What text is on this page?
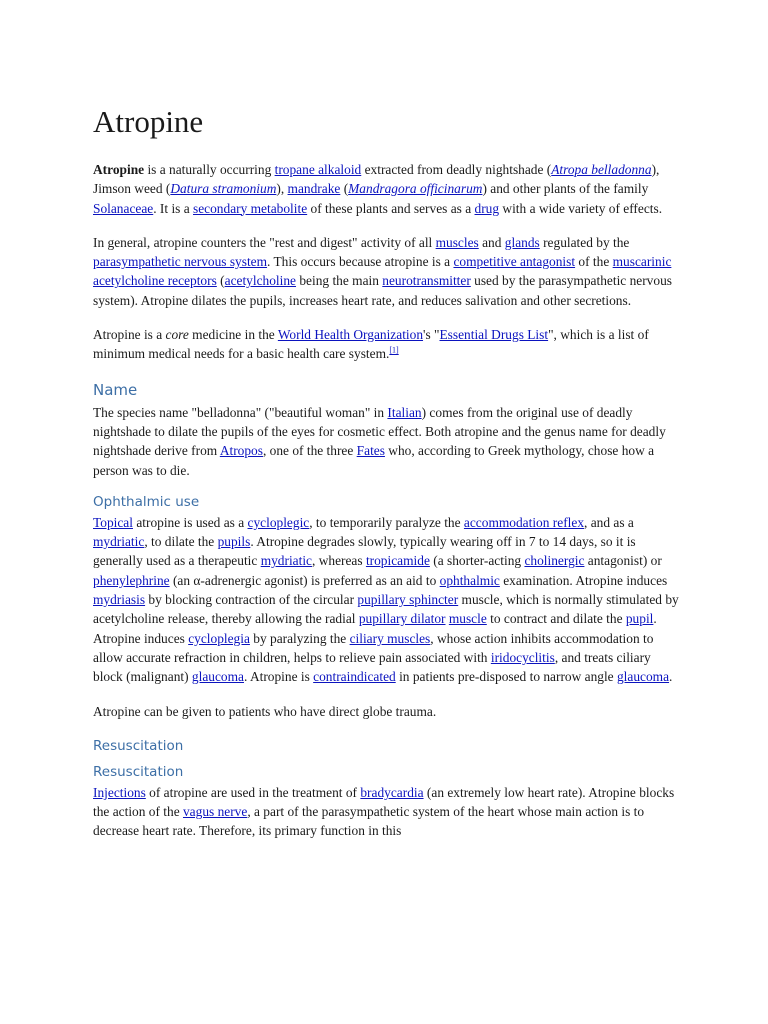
Atropine

Atropine is a naturally occurring tropane alkaloid extracted from deadly nightshade (Atropa belladonna), Jimson weed (Datura stramonium), mandrake (Mandragora officinarum) and other plants of the family Solanaceae. It is a secondary metabolite of these plants and serves as a drug with a wide variety of effects.

In general, atropine counters the "rest and digest" activity of all muscles and glands regulated by the parasympathetic nervous system. This occurs because atropine is a competitive antagonist of the muscarinic acetylcholine receptors (acetylcholine being the main neurotransmitter used by the parasympathetic nervous system). Atropine dilates the pupils, increases heart rate, and reduces salivation and other secretions.

Atropine is a core medicine in the World Health Organization's "Essential Drugs List", which is a list of minimum medical needs for a basic health care system.[1]

Name

The species name "belladonna" ("beautiful woman" in Italian) comes from the original use of deadly nightshade to dilate the pupils of the eyes for cosmetic effect. Both atropine and the genus name for deadly nightshade derive from Atropos, one of the three Fates who, according to Greek mythology, chose how a person was to die.

Ophthalmic use

Topical atropine is used as a cycloplegic, to temporarily paralyze the accommodation reflex, and as a mydriatic, to dilate the pupils. Atropine degrades slowly, typically wearing off in 7 to 14 days, so it is generally used as a therapeutic mydriatic, whereas tropicamide (a shorter-acting cholinergic antagonist) or phenylephrine (an α-adrenergic agonist) is preferred as an aid to ophthalmic examination. Atropine induces mydriasis by blocking contraction of the circular pupillary sphincter muscle, which is normally stimulated by acetylcholine release, thereby allowing the radial pupillary dilator muscle to contract and dilate the pupil. Atropine induces cycloplegia by paralyzing the ciliary muscles, whose action inhibits accommodation to allow accurate refraction in children, helps to relieve pain associated with iridocyclitis, and treats ciliary block (malignant) glaucoma. Atropine is contraindicated in patients pre-disposed to narrow angle glaucoma.

Atropine can be given to patients who have direct globe trauma.

Resuscitation
Resuscitation

Injections of atropine are used in the treatment of bradycardia (an extremely low heart rate). Atropine blocks the action of the vagus nerve, a part of the parasympathetic system of the heart whose main action is to decrease heart rate. Therefore, its primary function in this
